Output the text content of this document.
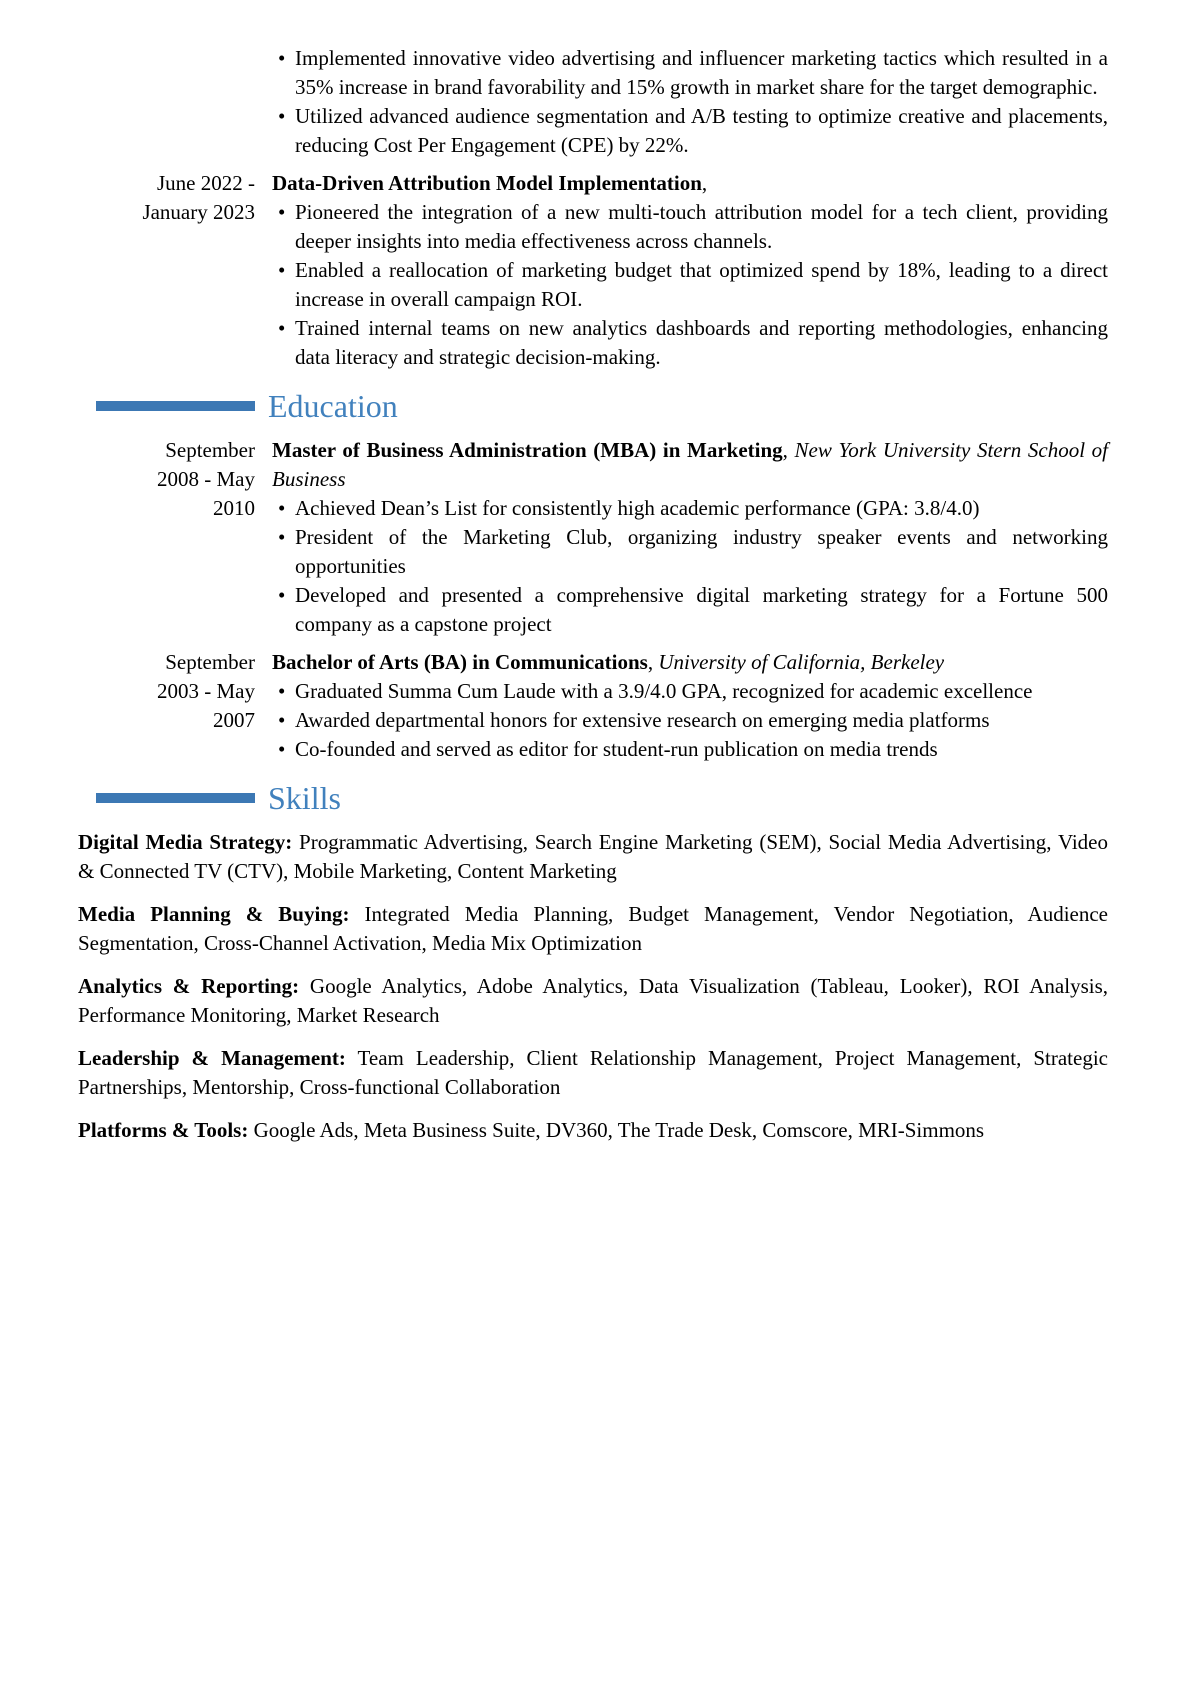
• Implemented innovative video advertising and influencer marketing tactics which resulted in a 35% increase in brand favorability and 15% growth in market share for the target demographic.
• Utilized advanced audience segmentation and A/B testing to optimize creative and placements, reducing Cost Per Engagement (CPE) by 22%.
June 2022 - January 2023

Data-Driven Attribution Model Implementation,

• Pioneered the integration of a new multi-touch attribution model for a tech client, providing deeper insights into media effectiveness across channels.
• Enabled a reallocation of marketing budget that optimized spend by 18%, leading to a direct increase in overall campaign ROI.
• Trained internal teams on new analytics dashboards and reporting methodologies, enhancing data literacy and strategic decision-making.
Education
September 2008 - May 2010

Master of Business Administration (MBA) in Marketing, New York University Stern School of Business

• Achieved Dean’s List for consistently high academic performance (GPA: 3.8/4.0)
• President of the Marketing Club, organizing industry speaker events and networking opportunities
• Developed and presented a comprehensive digital marketing strategy for a Fortune 500 company as a capstone project
September 2003 - May 2007

Bachelor of Arts (BA) in Communications, University of California, Berkeley

• Graduated Summa Cum Laude with a 3.9/4.0 GPA, recognized for academic excellence
• Awarded departmental honors for extensive research on emerging media platforms
• Co-founded and served as editor for student-run publication on media trends
Skills

Digital Media Strategy: Programmatic Advertising, Search Engine Marketing (SEM), Social Media Advertising, Video & Connected TV (CTV), Mobile Marketing, Content Marketing

Media Planning & Buying: Integrated Media Planning, Budget Management, Vendor Negotiation, Audience Segmentation, Cross-Channel Activation, Media Mix Optimization

Analytics & Reporting: Google Analytics, Adobe Analytics, Data Visualization (Tableau, Looker), ROI Analysis, Performance Monitoring, Market Research

Leadership & Management: Team Leadership, Client Relationship Management, Project Management, Strategic Partnerships, Mentorship, Cross-functional Collaboration

Platforms & Tools: Google Ads, Meta Business Suite, DV360, The Trade Desk, Comscore, MRI-Simmons
